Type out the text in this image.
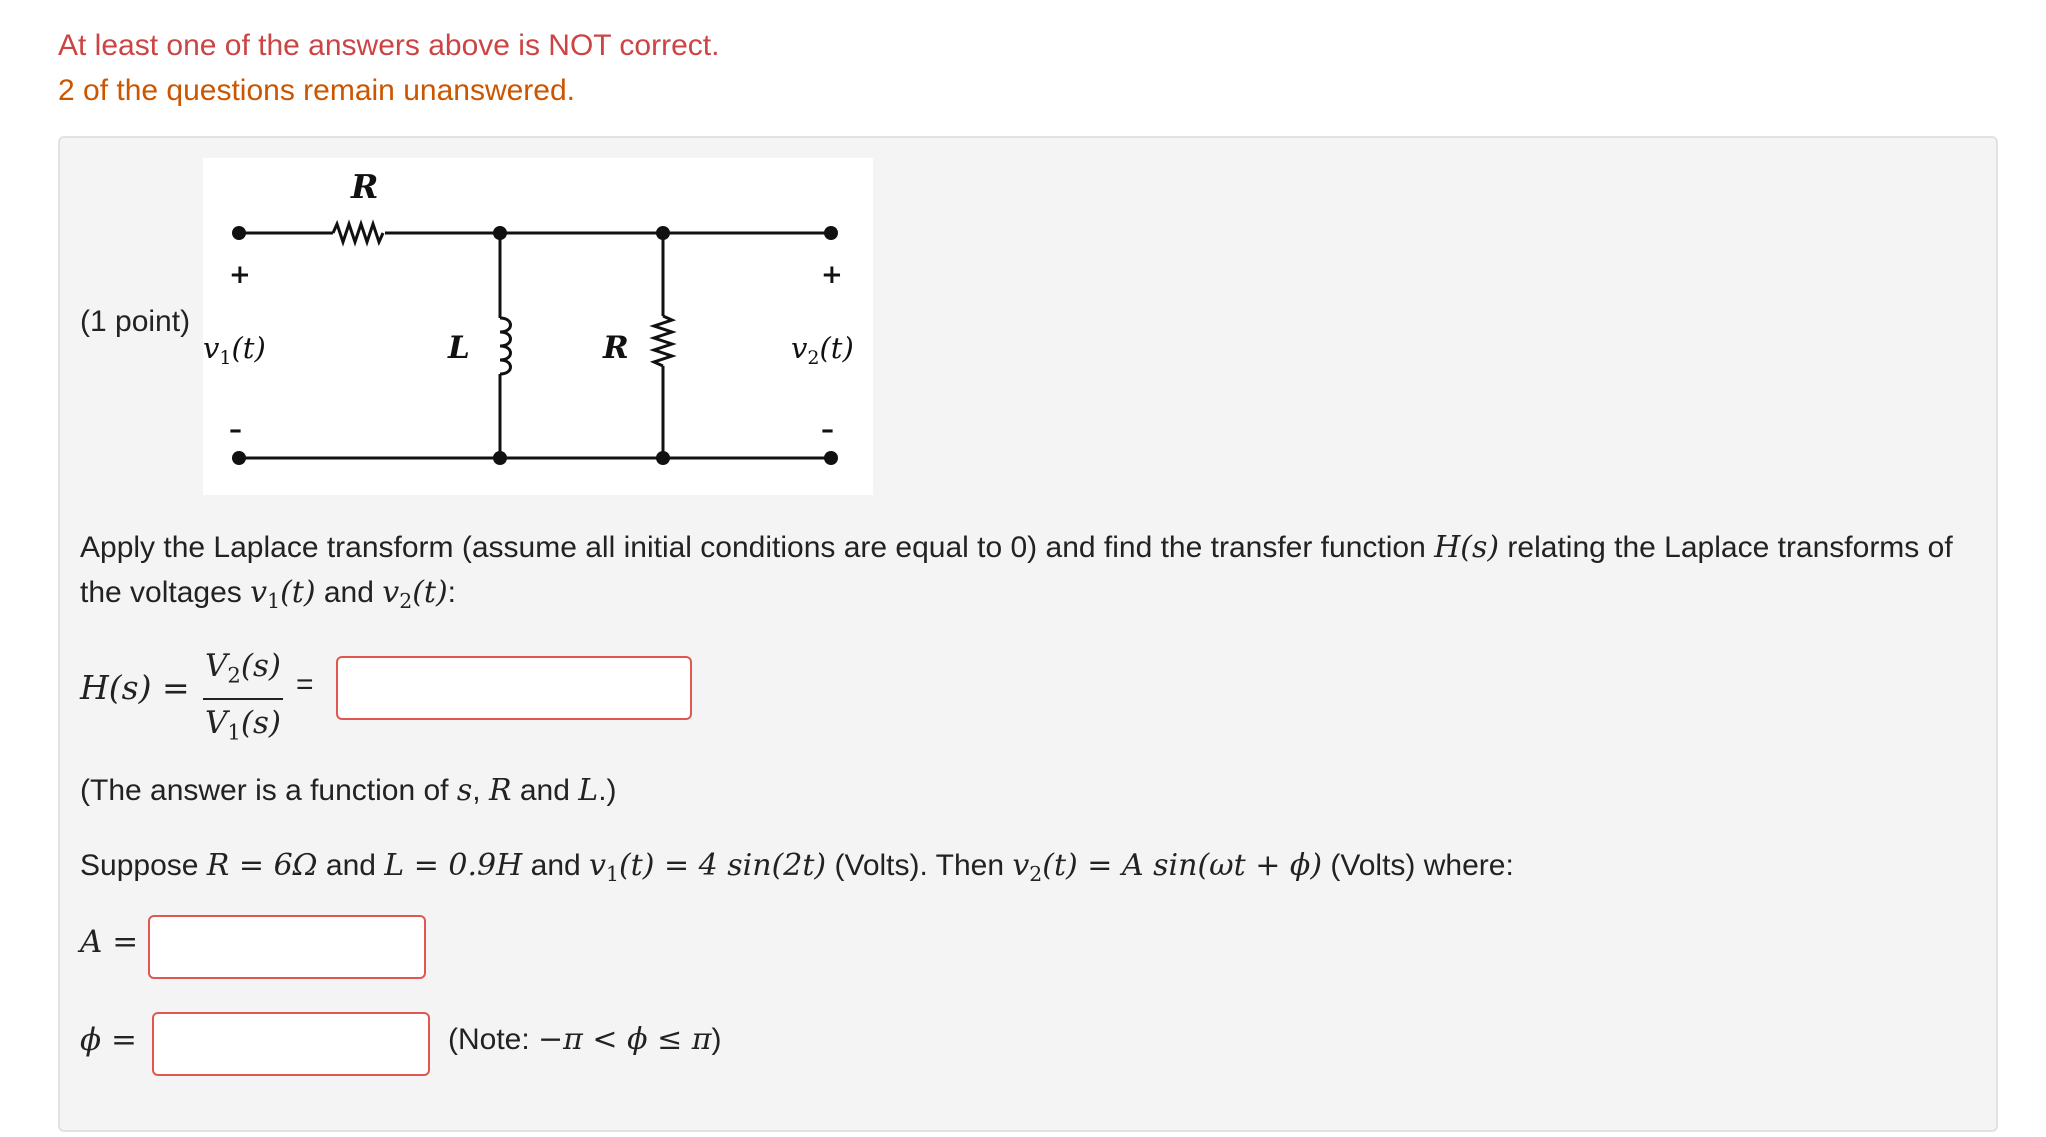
At least one of the answers above is NOT correct.
2 of the questions remain unanswered.
(1 point)
R
+
–
+
–
L	R
$v_1(t)$	$v_2(t)$
Apply the Laplace transform (assume all initial conditions are equal to 0) and find the transfer function H(s) relating the Laplace transforms of the voltages $v_1(t)$ and $v_2(t)$:
H(s) =
$V_2(s)$
$V_1(s)$
=
(The answer is a function of s, R and L.)
Suppose R = 6Ω and L = 0.9H and $v_1(t) = 4$ sin(2t) (Volts). Then $v_2(t) = A$ sin(ωt + ϕ) (Volts) where:
A =
ϕ =	(Note: −π < ϕ ≤ π)
